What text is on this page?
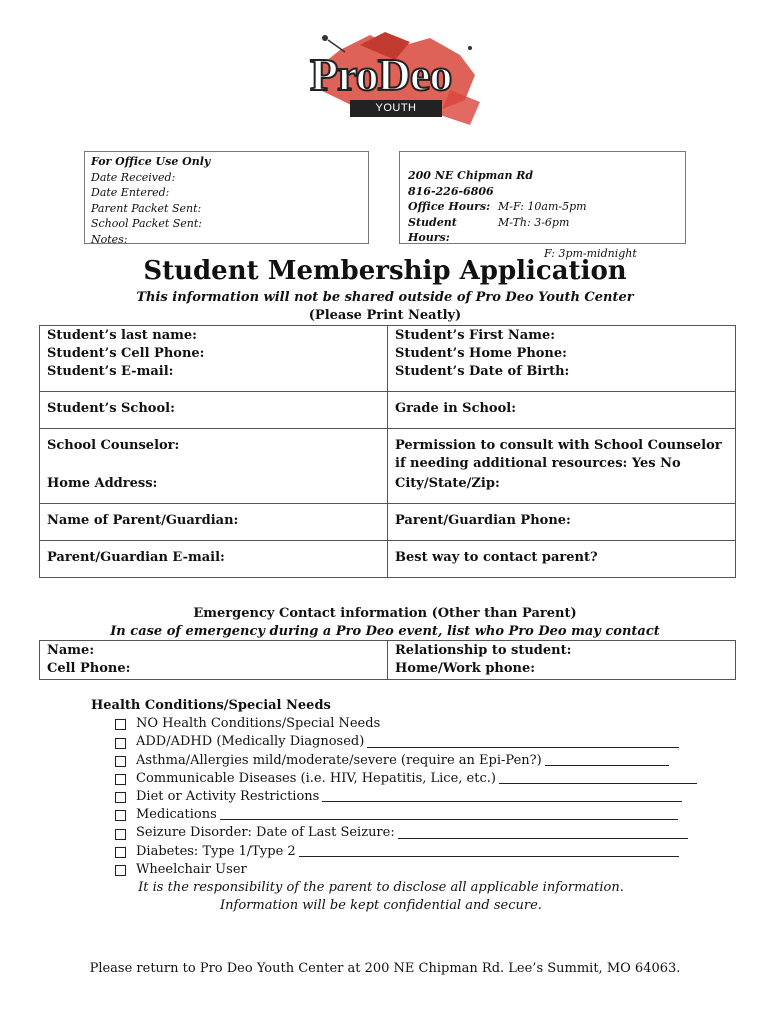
ProDeo
YOUTH CENTER
For Office Use Only
Date Received:
Date Entered:
Parent Packet Sent:
School Packet Sent:
Notes:
200 NE Chipman Rd
816-226-6806
Office Hours: M-F: 10am-5pm
Student Hours:
M-Th: 3-6pm
F: 3pm-midnight
Student Membership Application
This information will not be shared outside of Pro Deo Youth Center
(Please Print Neatly)
Student’s last name:	Student’s First Name:
Student’s Cell Phone:	Student’s Home Phone:
Student’s E-mail:	Student’s Date of Birth:
Student’s School:	Grade in School:
School Counselor:	Permission to consult with School Counselor if needing additional resources: Yes No
Home Address:	City/State/Zip:
Name of Parent/Guardian:	Parent/Guardian Phone:
Parent/Guardian E-mail:	Best way to contact parent?
Emergency Contact information (Other than Parent)
In case of emergency during a Pro Deo event, list who Pro Deo may contact
Name:	Relationship to student:
Cell Phone:	Home/Work phone:
Health Conditions/Special Needs
NO Health Conditions/Special Needs
ADD/ADHD (Medically Diagnosed)
Asthma/Allergies mild/moderate/severe (require an Epi-Pen?)
Communicable Diseases (i.e. HIV, Hepatitis, Lice, etc.)
Diet or Activity Restrictions
Medications
Seizure Disorder: Date of Last Seizure:
Diabetes: Type 1/Type 2
Wheelchair User
It is the responsibility of the parent to disclose all applicable information.
Information will be kept confidential and secure.
Please return to Pro Deo Youth Center at 200 NE Chipman Rd. Lee’s Summit, MO 64063.
